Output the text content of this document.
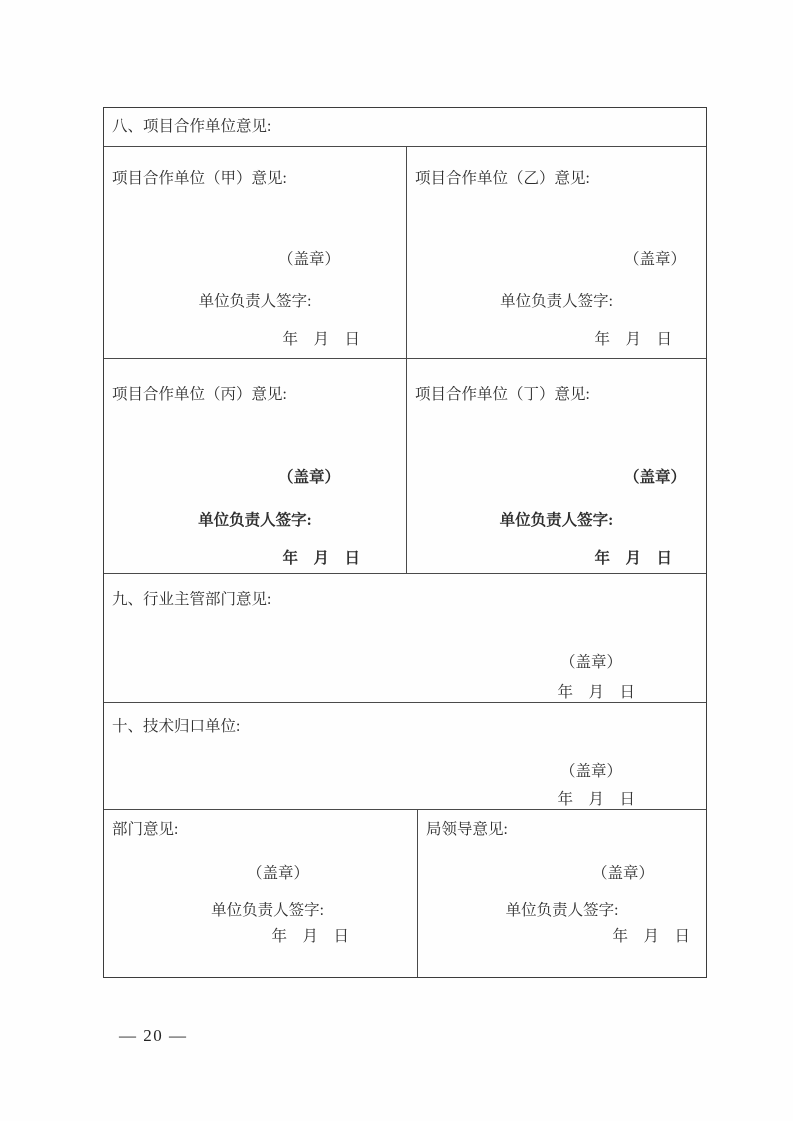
八、项目合作单位意见:
项目合作单位（甲）意见:
（盖章）
单位负责人签字:
年　月　日
项目合作单位（乙）意见:
（盖章）
单位负责人签字:
年　月　日
项目合作单位（丙）意见:
（盖章）
单位负责人签字:
年　月　日
项目合作单位（丁）意见:
（盖章）
单位负责人签字:
年　月　日
九、行业主管部门意见:
（盖章）
年　月　日
十、技术归口单位:
（盖章）
年　月　日
部门意见:
（盖章）
单位负责人签字:
年　月　日
局领导意见:
（盖章）
单位负责人签字:
年　月　日
— 20 —
